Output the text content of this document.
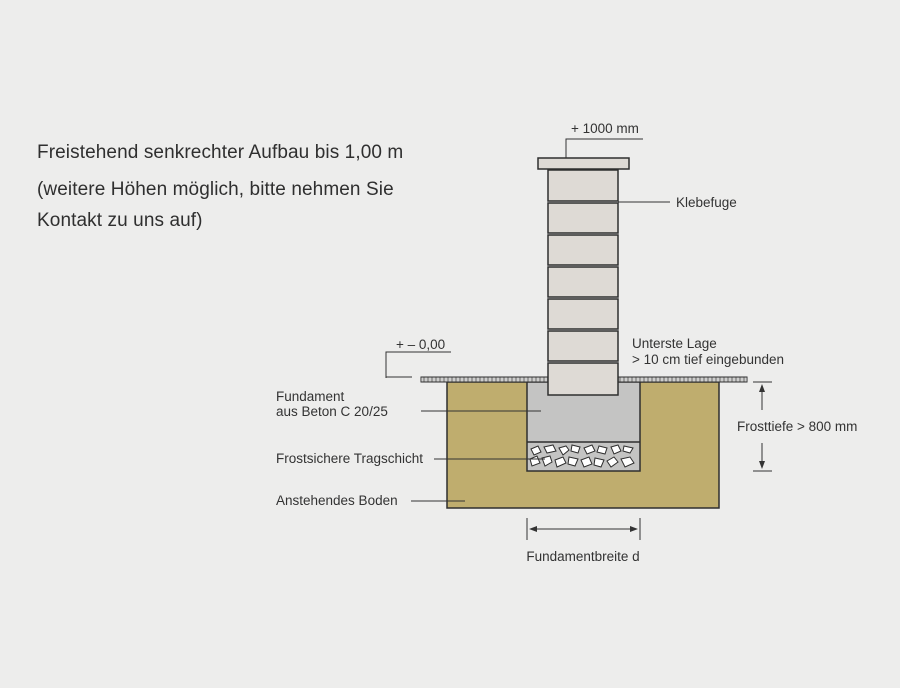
Freistehend senkrechter Aufbau bis 1,00 m
(weitere Höhen möglich, bitte nehmen Sie
Kontakt zu uns auf)
+ 1000 mm
Klebefuge
+ – 0,00	Unterste Lage
> 10 cm tief eingebunden
Fundament
aus Beton C 20/25
Frosttiefe > 800 mm
Frostsichere Tragschicht
Anstehendes Boden
Fundamentbreite d
